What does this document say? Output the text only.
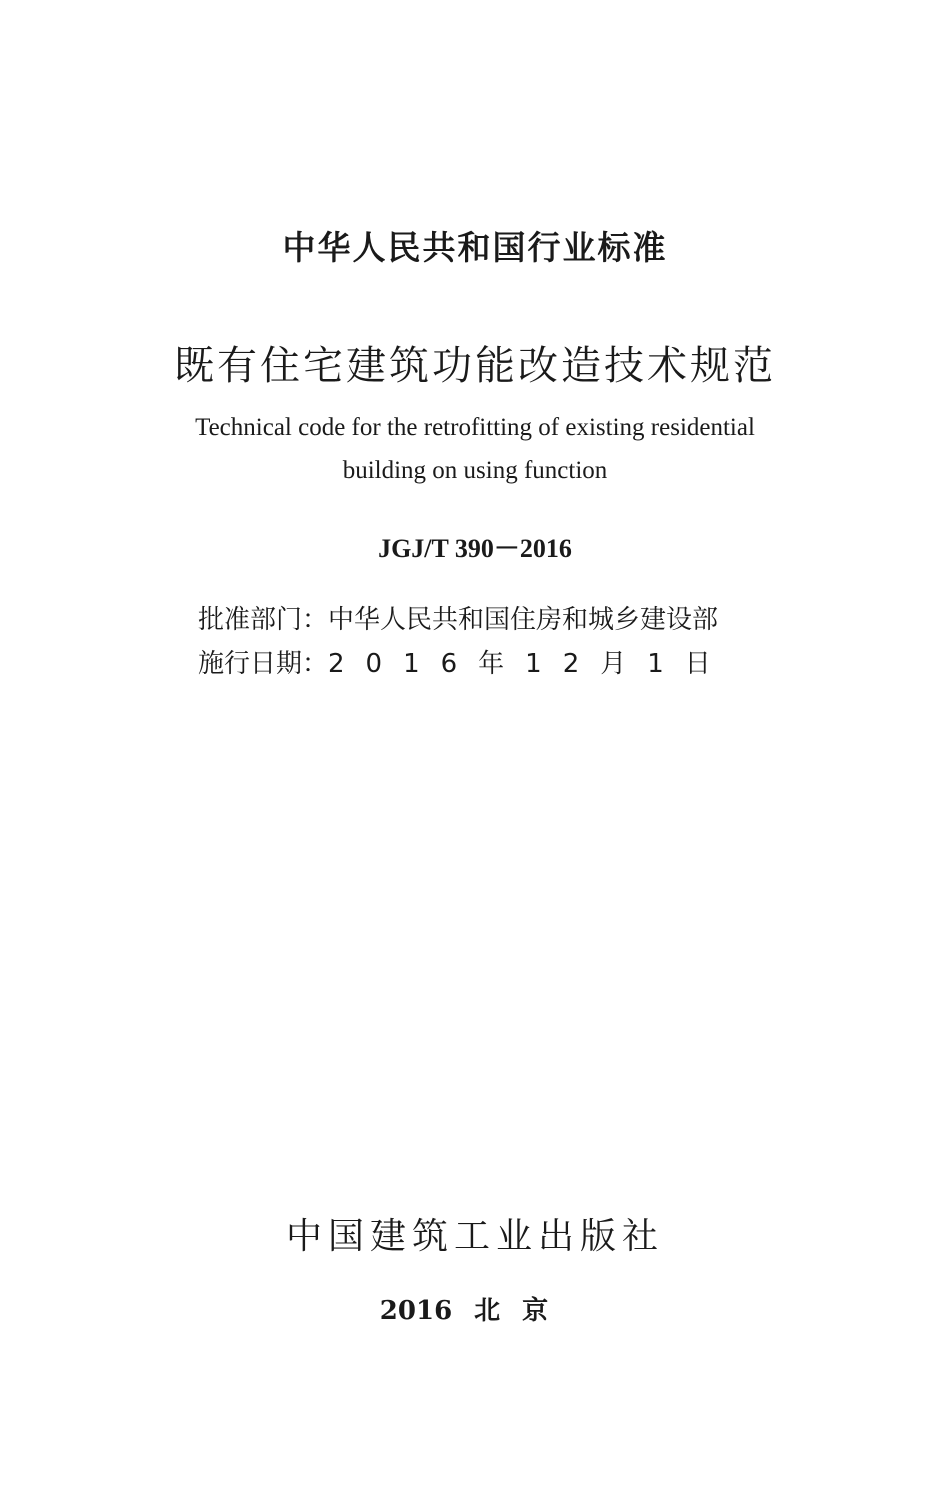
中华人民共和国行业标准
既有住宅建筑功能改造技术规范
Technical code for the retrofitting of existing residential
building on using function
JGJ/T 390－2016
批准部门： 中华人民共和国住房和城乡建设部
施行日期： 2016年12月1日
中国建筑工业出版社
2016 北京
